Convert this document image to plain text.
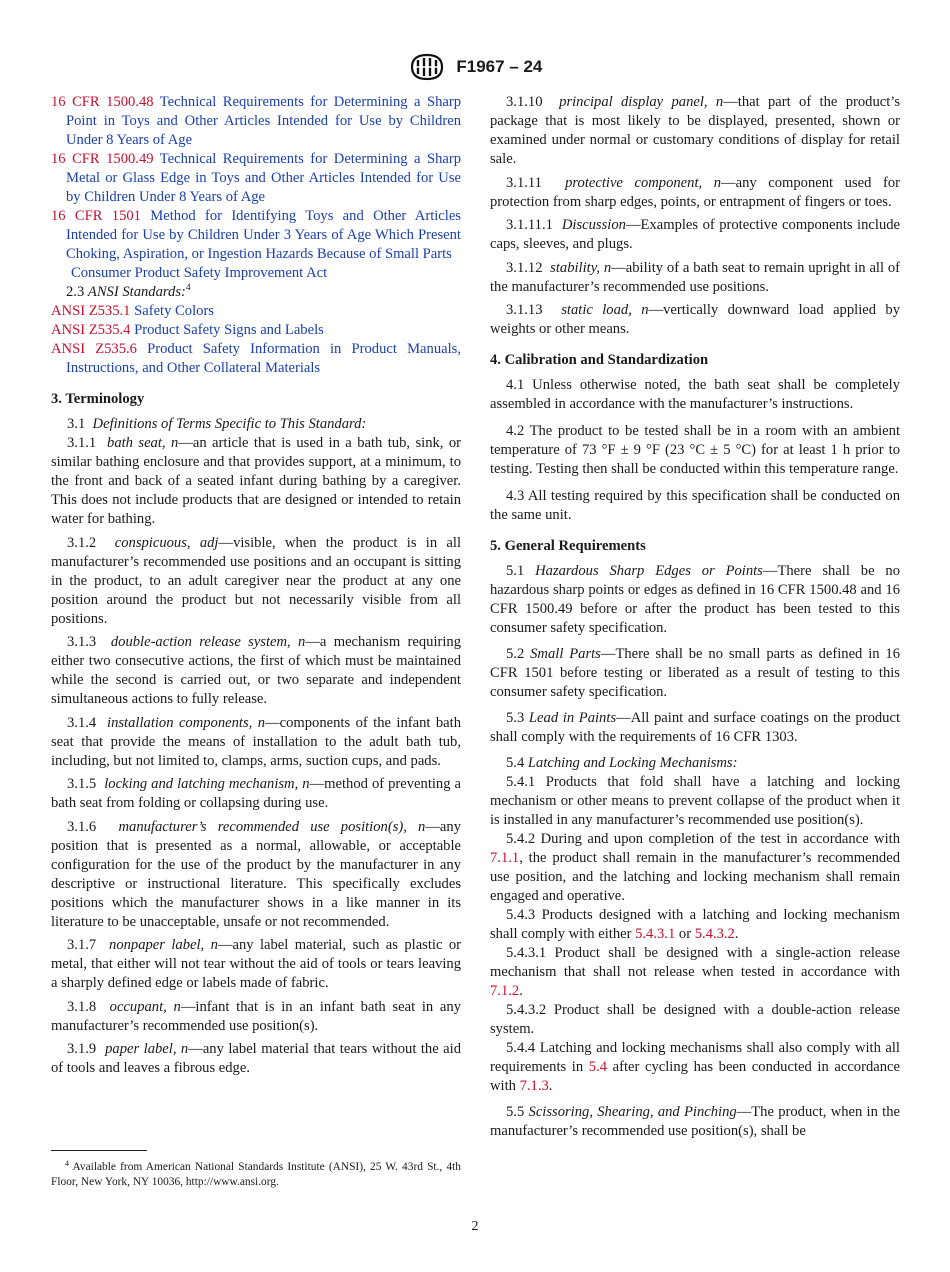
F1967 – 24
16 CFR 1500.48 Technical Requirements for Determining a Sharp Point in Toys and Other Articles Intended for Use by Children Under 8 Years of Age
16 CFR 1500.49 Technical Requirements for Determining a Sharp Metal or Glass Edge in Toys and Other Articles Intended for Use by Children Under 8 Years of Age
16 CFR 1501 Method for Identifying Toys and Other Articles Intended for Use by Children Under 3 Years of Age Which Present Choking, Aspiration, or Ingestion Hazards Because of Small Parts
Consumer Product Safety Improvement Act

2.3 ANSI Standards:$^4$

ANSI Z535.1 Safety Colors
ANSI Z535.4 Product Safety Signs and Labels
ANSI Z535.6 Product Safety Information in Product Manuals, Instructions, and Other Collateral Materials
3. Terminology

3.1 Definitions of Terms Specific to This Standard:

3.1.1 bath seat, n—an article that is used in a bath tub, sink, or similar bathing enclosure and that provides support, at a minimum, to the front and back of a seated infant during bathing by a caregiver. This does not include products that are designed or intended to retain water for bathing.

3.1.2 conspicuous, adj—visible, when the product is in all manufacturer’s recommended use positions and an occupant is sitting in the product, to an adult caregiver near the product at any one position around the product but not necessarily visible from all positions.

3.1.3 double-action release system, n—a mechanism requiring either two consecutive actions, the first of which must be maintained while the second is carried out, or two separate and independent simultaneous actions to fully release.

3.1.4 installation components, n—components of the infant bath seat that provide the means of installation to the adult bath tub, including, but not limited to, clamps, arms, suction cups, and pads.

3.1.5 locking and latching mechanism, n—method of preventing a bath seat from folding or collapsing during use.

3.1.6 manufacturer’s recommended use position(s), n—any position that is presented as a normal, allowable, or acceptable configuration for the use of the product by the manufacturer in any descriptive or instructional literature. This specifically excludes positions which the manufacturer shows in a like manner in its literature to be unacceptable, unsafe or not recommended.

3.1.7 nonpaper label, n—any label material, such as plastic or metal, that either will not tear without the aid of tools or tears leaving a sharply defined edge or labels made of fabric.

3.1.8 occupant, n—infant that is in an infant bath seat in any manufacturer’s recommended use position(s).

3.1.9 paper label, n—any label material that tears without the aid of tools and leaves a fibrous edge.

3.1.10 principal display panel, n—that part of the product’s package that is most likely to be displayed, presented, shown or examined under normal or customary conditions of display for retail sale.

3.1.11 protective component, n—any component used for protection from sharp edges, points, or entrapment of fingers or toes.

3.1.11.1 Discussion—Examples of protective components include caps, sleeves, and plugs.

3.1.12 stability, n—ability of a bath seat to remain upright in all of the manufacturer’s recommended use positions.

3.1.13 static load, n—vertically downward load applied by weights or other means.

4. Calibration and Standardization

4.1 Unless otherwise noted, the bath seat shall be completely assembled in accordance with the manufacturer’s instructions.

4.2 The product to be tested shall be in a room with an ambient temperature of 73 °F ± 9 °F (23 °C ± 5 °C) for at least 1 h prior to testing. Testing then shall be conducted within this temperature range.

4.3 All testing required by this specification shall be conducted on the same unit.

5. General Requirements

5.1 Hazardous Sharp Edges or Points—There shall be no hazardous sharp points or edges as defined in 16 CFR 1500.48 and 16 CFR 1500.49 before or after the product has been tested to this consumer safety specification.

5.2 Small Parts—There shall be no small parts as defined in 16 CFR 1501 before testing or liberated as a result of testing to this consumer safety specification.

5.3 Lead in Paints—All paint and surface coatings on the product shall comply with the requirements of 16 CFR 1303.

5.4 Latching and Locking Mechanisms:

5.4.1 Products that fold shall have a latching and locking mechanism or other means to prevent collapse of the product when it is installed in any manufacturer’s recommended use position(s).

5.4.2 During and upon completion of the test in accordance with 7.1.1, the product shall remain in the manufacturer’s recommended use position, and the latching and locking mechanism shall remain engaged and operative.

5.4.3 Products designed with a latching and locking mechanism shall comply with either 5.4.3.1 or 5.4.3.2.

5.4.3.1 Product shall be designed with a single-action release mechanism that shall not release when tested in accordance with 7.1.2.

5.4.3.2 Product shall be designed with a double-action release system.

5.4.4 Latching and locking mechanisms shall also comply with all requirements in 5.4 after cycling has been conducted in accordance with 7.1.3.

5.5 Scissoring, Shearing, and Pinching—The product, when in the manufacturer’s recommended use position(s), shall be

$^4$ Available from American National Standards Institute (ANSI), 25 W. 43rd St., 4th Floor, New York, NY 10036, http://www.ansi.org.
2
